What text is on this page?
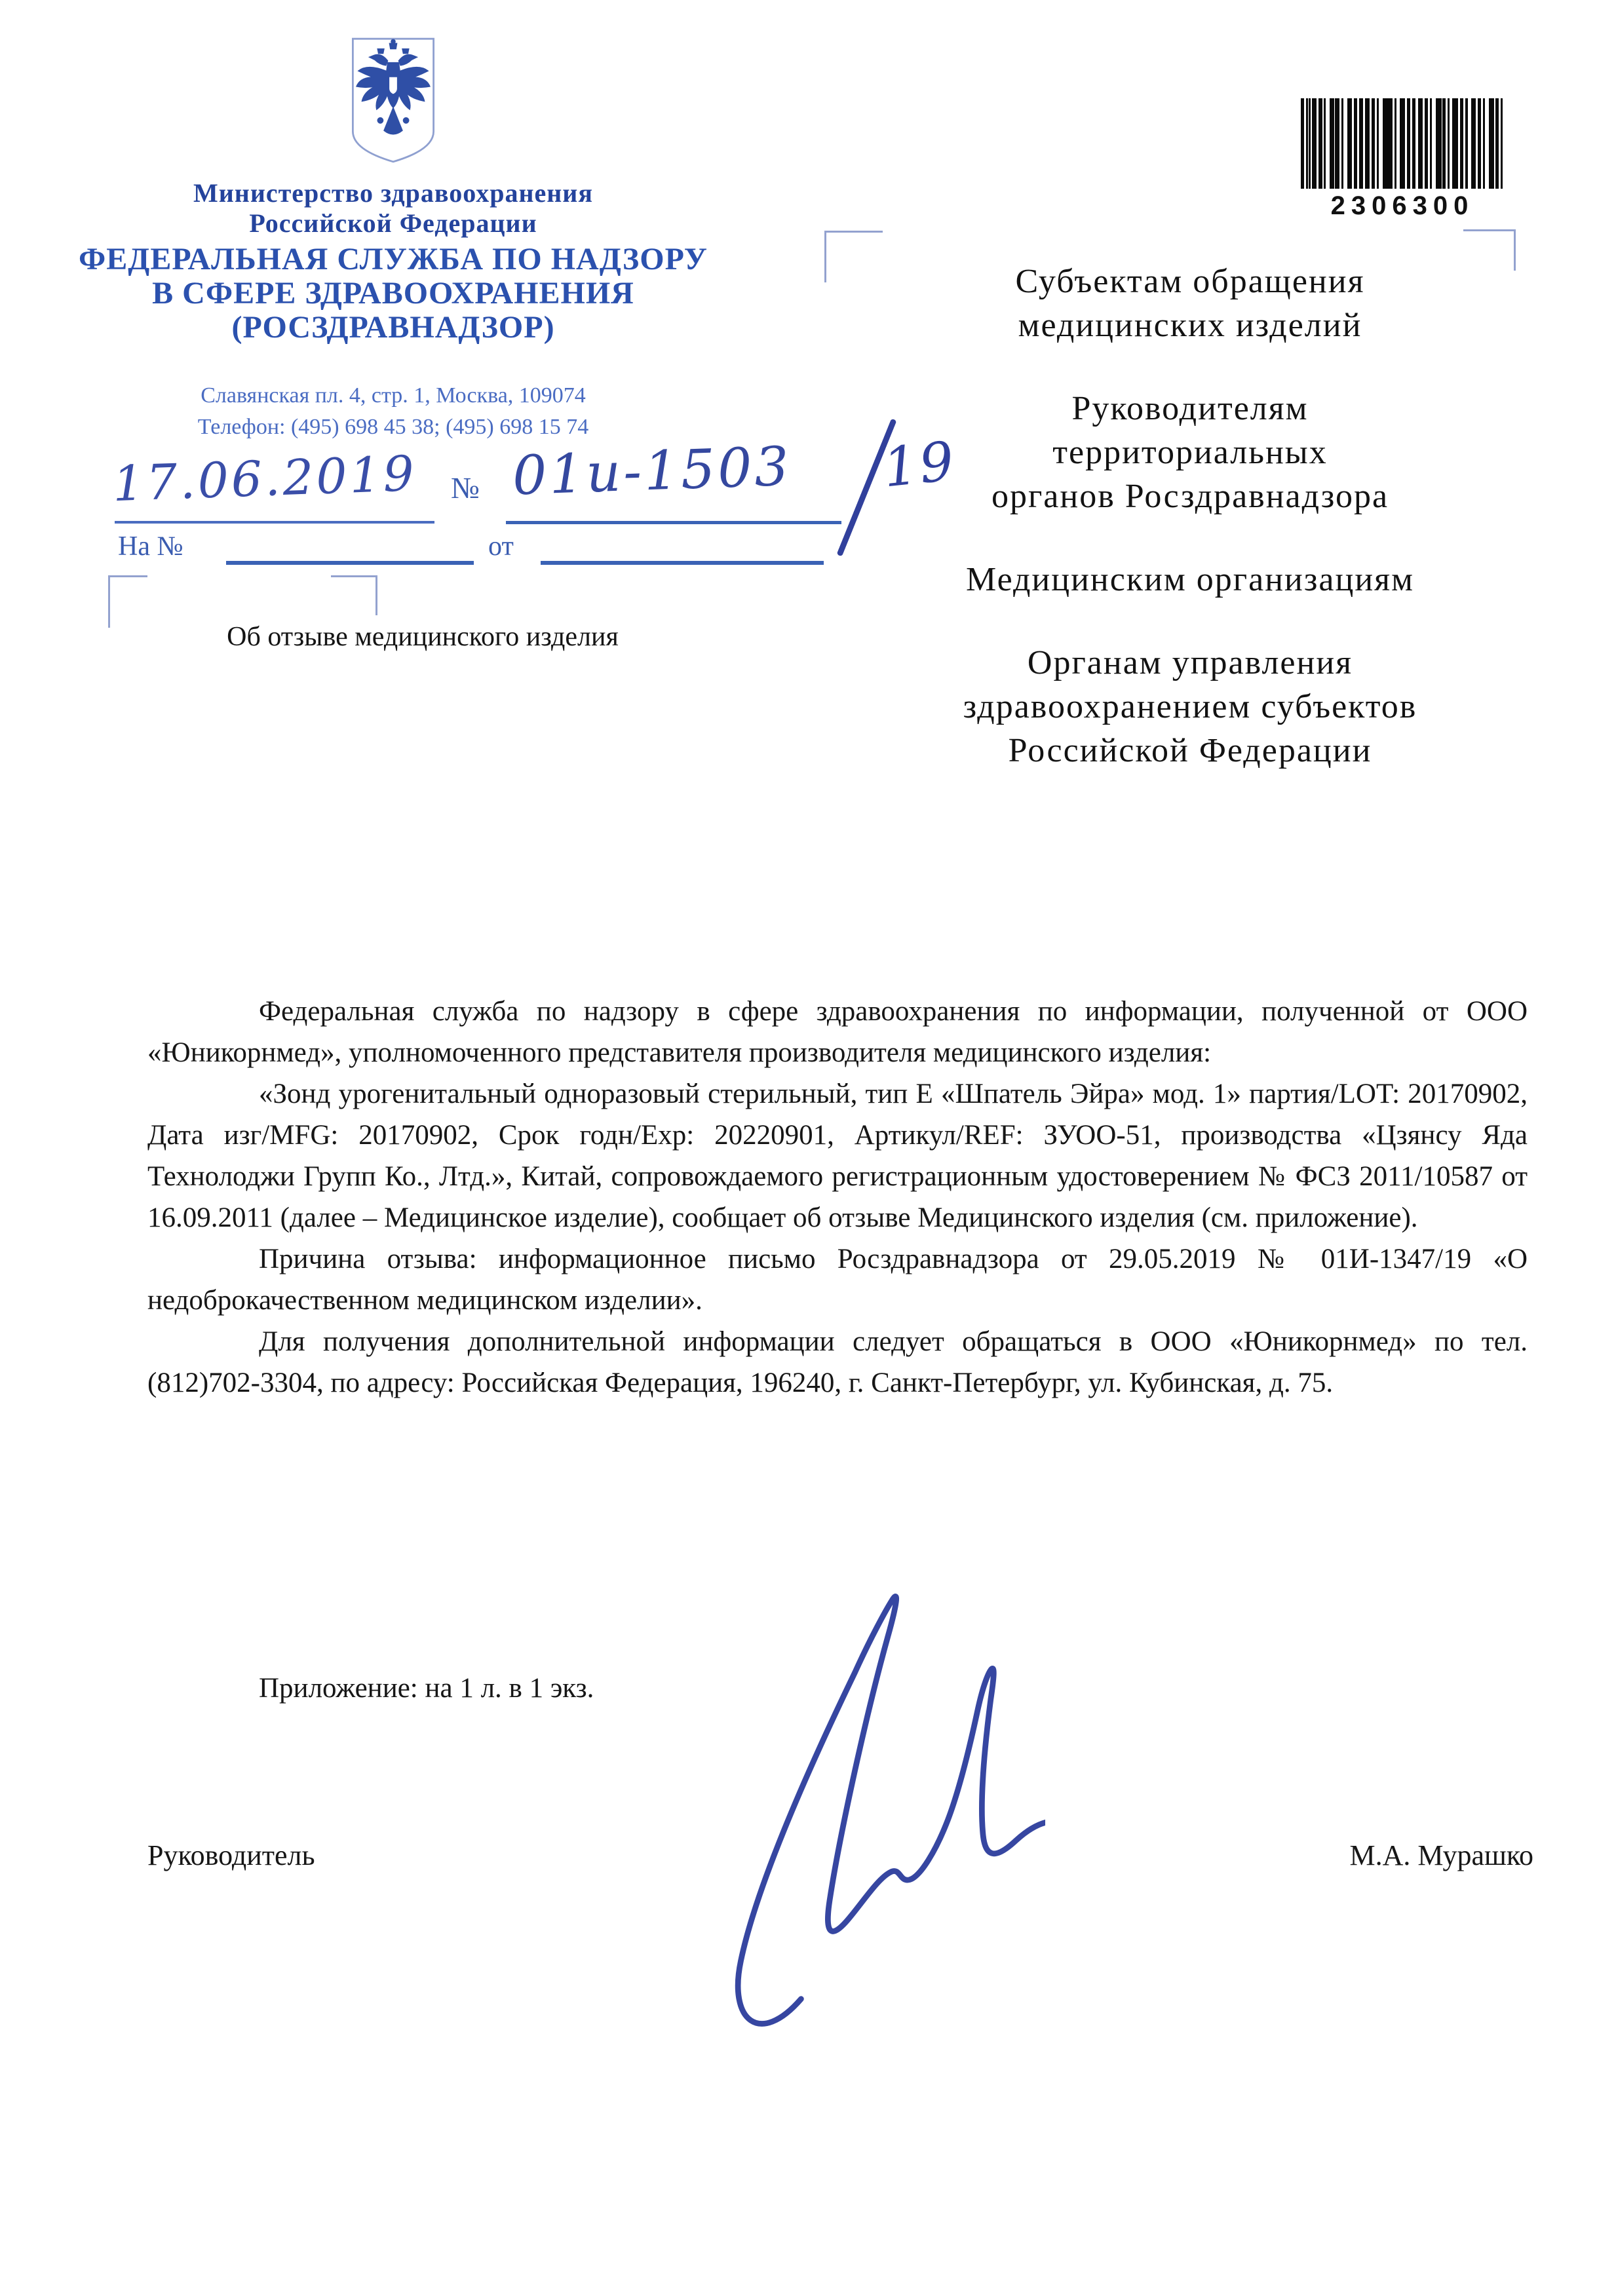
Министерство здравоохранения
Российской Федерации
ФЕДЕРАЛЬНАЯ СЛУЖБА ПО НАДЗОРУ
В СФЕРЕ ЗДРАВООХРАНЕНИЯ
(РОСЗДРАВНАДЗОР)
Славянская пл. 4, стр. 1, Москва, 109074
Телефон: (495) 698 45 38; (495) 698 15 74
2306300
17.06.2019 № 01и-1503 19
На №	от
Об отзыве медицинского изделия
Субъектам обращения
медицинских изделий
Руководителям
территориальных
органов Росздравнадзора
Медицинским организациям
Органам управления
здравоохранением субъектов
Российской Федерации

Федеральная служба по надзору в сфере здравоохранения по информации, полученной от ООО «Юникорнмед», уполномоченного представителя производителя медицинского изделия:

«Зонд урогенитальный одноразовый стерильный, тип Е «Шпатель Эйра» мод. 1» партия/LOT: 20170902, Дата изг/MFG: 20170902, Срок годн/Exp: 20220901, Артикул/REF: ЗУОО-51, производства «Цзянсу Яда Технолоджи Групп Ко., Лтд.», Китай, сопровождаемого регистрационным удостоверением № ФСЗ 2011/10587 от 16.09.2011 (далее – Медицинское изделие), сообщает об отзыве Медицинского изделия (см. приложение).

Причина отзыва: информационное письмо Росздравнадзора от 29.05.2019 № 01И-1347/19 «О недоброкачественном медицинском изделии».

Для получения дополнительной информации следует обращаться в ООО «Юникорнмед» по тел. (812)702-3304, по адресу: Российская Федерация, 196240, г. Санкт-Петербург, ул. Кубинская, д. 75.

Приложение: на 1 л. в 1 экз.
Руководитель	М.А. Мурашко
